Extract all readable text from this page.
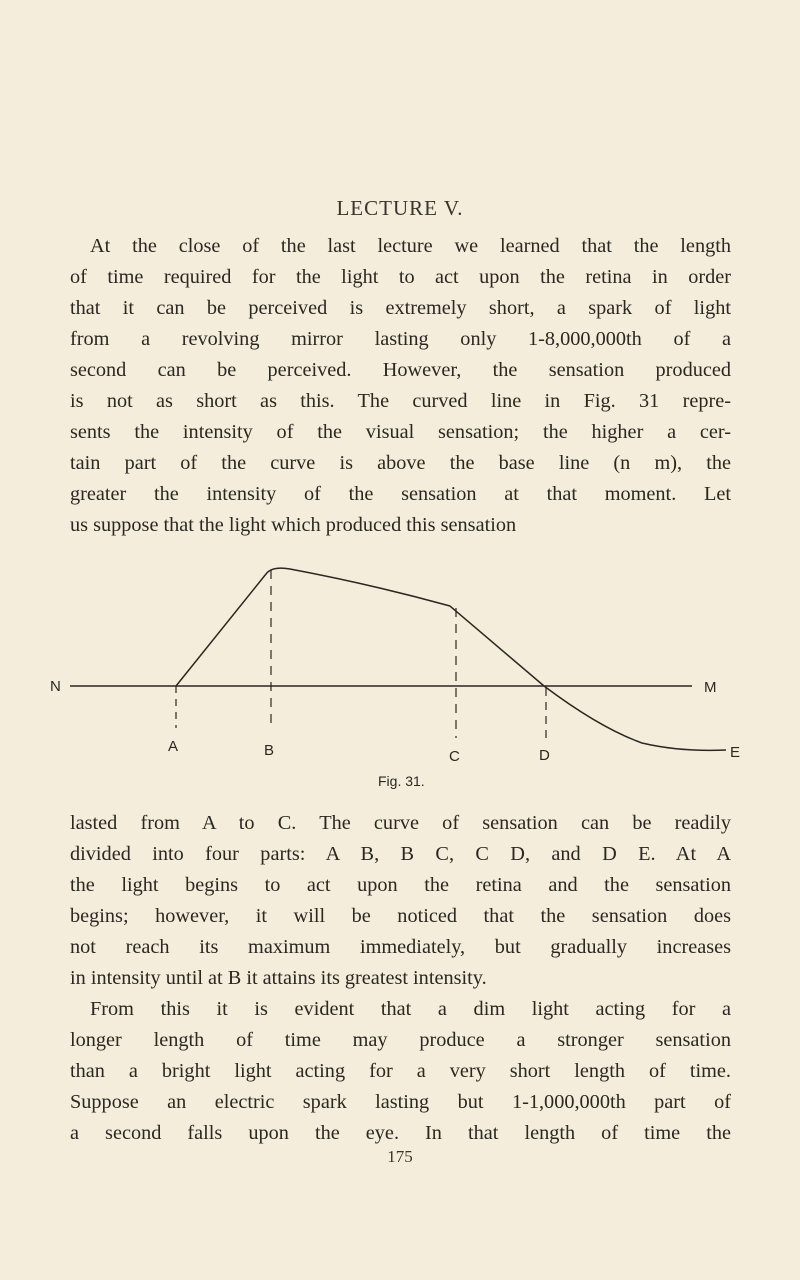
LECTURE V.
At the close of the last lecture we learned that the length
of time required for the light to act upon the retina in order
that it can be perceived is extremely short, a spark of light
from a revolving mirror lasting only 1-8,000,000th of a
second can be perceived. However, the sensation produced
is not as short as this. The curved line in Fig. 31 repre-
sents the intensity of the visual sensation; the higher a cer-
tain part of the curve is above the base line (n m), the
greater the intensity of the sensation at that moment. Let
us suppose that the light which produced this sensation
N	M
A	B	C	D	E
Fig. 31.
lasted from A to C. The curve of sensation can be readily
divided into four parts: A B, B C, C D, and D E. At A
the light begins to act upon the retina and the sensation
begins; however, it will be noticed that the sensation does
not reach its maximum immediately, but gradually increases
in intensity until at B it attains its greatest intensity.
From this it is evident that a dim light acting for a
longer length of time may produce a stronger sensation
than a bright light acting for a very short length of time.
Suppose an electric spark lasting but 1-1,000,000th part of
a second falls upon the eye. In that length of time the
175
